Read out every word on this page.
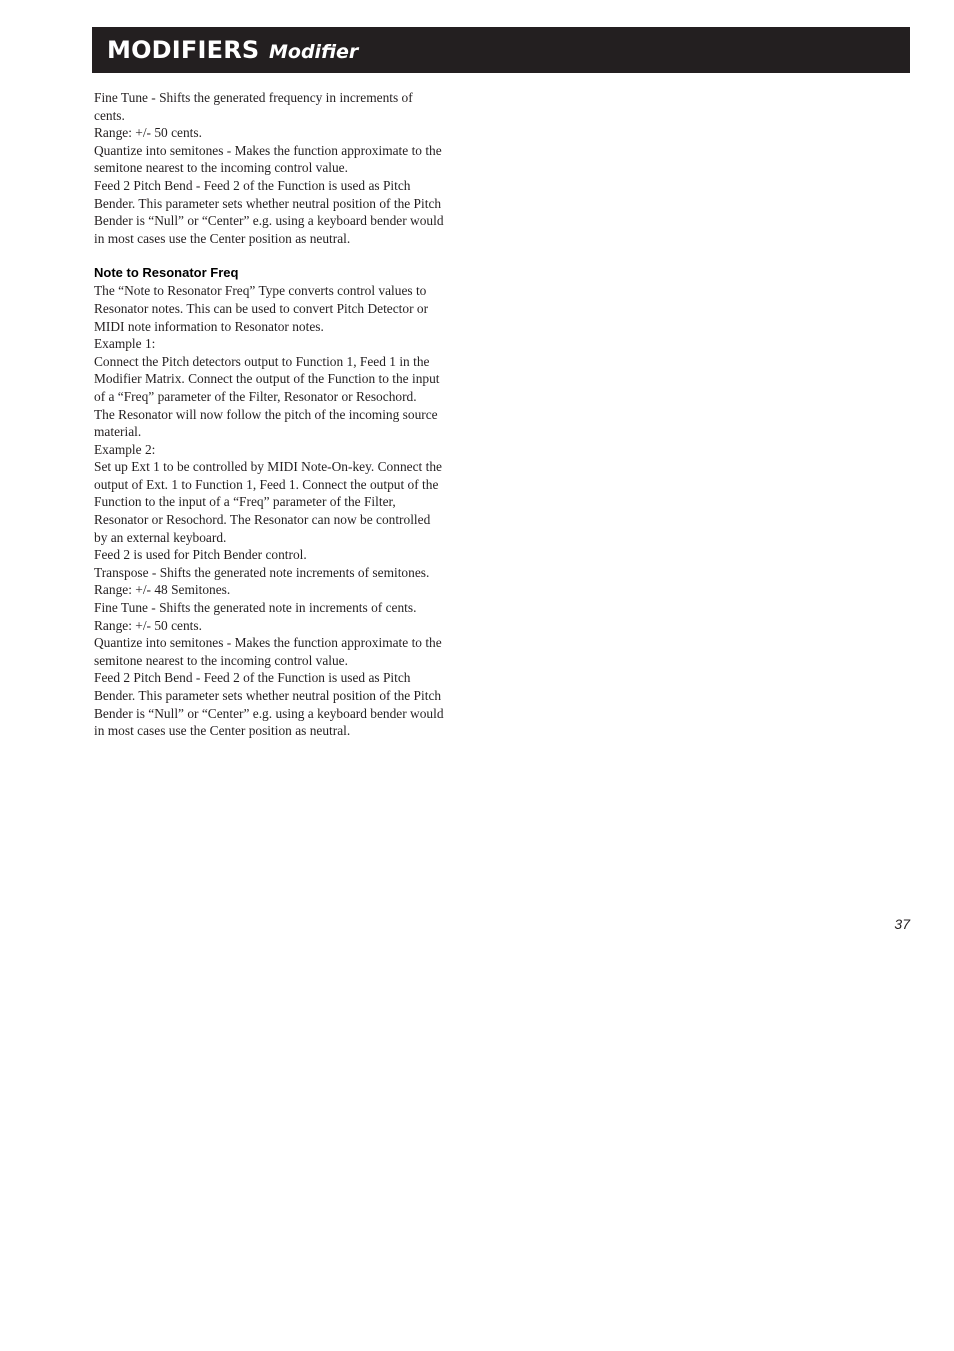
MODIFIERS Modifier
Fine Tune - Shifts the generated frequency in increments of
cents.
Range: +/- 50 cents.
Quantize into semitones - Makes the function approximate to the
semitone nearest to the incoming control value.
Feed 2 Pitch Bend - Feed 2 of the Function is used as Pitch
Bender. This parameter sets whether neutral position of the Pitch
Bender is “Null” or “Center” e.g. using a keyboard bender would
in most cases use the Center position as neutral.
Note to Resonator Freq
The “Note to Resonator Freq” Type converts control values to
Resonator notes. This can be used to convert Pitch Detector or
MIDI note information to Resonator notes.
Example 1:
Connect the Pitch detectors output to Function 1, Feed 1 in the
Modifier Matrix. Connect the output of the Function to the input
of a “Freq” parameter of the Filter, Resonator or Resochord.
The Resonator will now follow the pitch of the incoming source
material.
Example 2:
Set up Ext 1 to be controlled by MIDI Note-On-key. Connect the
output of Ext. 1 to Function 1, Feed 1. Connect the output of the
Function to the input of a “Freq” parameter of the Filter,
Resonator or Resochord. The Resonator can now be controlled
by an external keyboard.
Feed 2 is used for Pitch Bender control.
Transpose - Shifts the generated note increments of semitones.
Range: +/- 48 Semitones.
Fine Tune - Shifts the generated note in increments of cents.
Range: +/- 50 cents.
Quantize into semitones - Makes the function approximate to the
semitone nearest to the incoming control value.
Feed 2 Pitch Bend - Feed 2 of the Function is used as Pitch
Bender. This parameter sets whether neutral position of the Pitch
Bender is “Null” or “Center” e.g. using a keyboard bender would
in most cases use the Center position as neutral.
37
